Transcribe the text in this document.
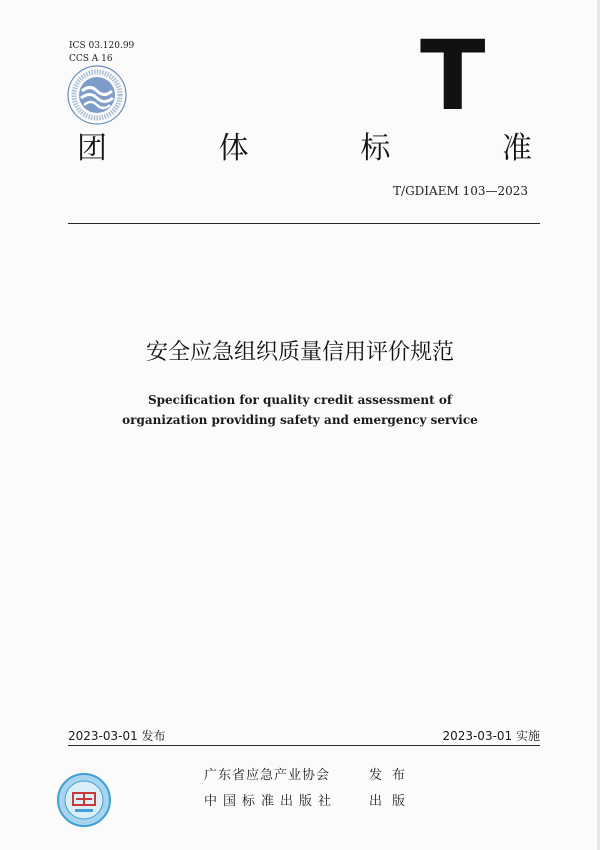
ICS 03.120.99
CCS A 16	T
团	体	标	准
T/GDIAEM 103—2023
安全应急组织质量信用评价规范
Specification for quality credit assessment of
organization providing safety and emergency service
2023-03-01 发布	2023-03-01 实施
广东省应急产业协会	发布
中国标准出版社	出版
